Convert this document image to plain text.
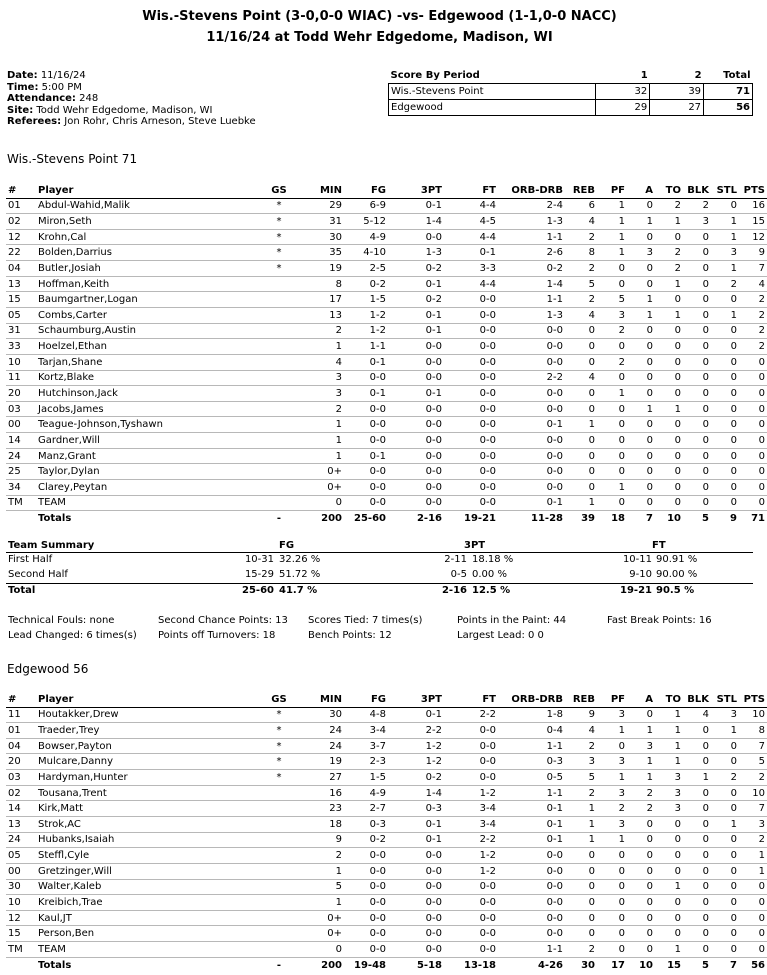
Wis.-Stevens Point (3-0,0-0 WIAC) -vs- Edgewood (1-1,0-0 NACC)
11/16/24 at Todd Wehr Edgedome, Madison, WI
Date: 11/16/24
Time: 5:00 PM
Attendance: 248
Site: Todd Wehr Edgedome, Madison, WI
Referees: Jon Rohr, Chris Arneson, Steve Luebke
Score By Period	1	2	Total
Wis.-Stevens Point	32	39	71
Edgewood	29	27	56
Wis.-Stevens Point 71
#	Player	GS	MIN	FG	3PT	FT	ORB-DRB	REB	PF	A	TO	BLK	STL	PTS
01	Abdul-Wahid,Malik	*	29	6-9	0-1	4-4	2-4	6	1	0	2	2	0	16
02	Miron,Seth	*	31	5-12	1-4	4-5	1-3	4	1	1	1	3	1	15
12	Krohn,Cal	*	30	4-9	0-0	4-4	1-1	2	1	0	0	0	1	12
22	Bolden,Darrius	*	35	4-10	1-3	0-1	2-6	8	1	3	2	0	3	9
04	Butler,Josiah	*	19	2-5	0-2	3-3	0-2	2	0	0	2	0	1	7
13	Hoffman,Keith		8	0-2	0-1	4-4	1-4	5	0	0	1	0	2	4
15	Baumgartner,Logan		17	1-5	0-2	0-0	1-1	2	5	1	0	0	0	2
05	Combs,Carter		13	1-2	0-1	0-0	1-3	4	3	1	1	0	1	2
31	Schaumburg,Austin		2	1-2	0-1	0-0	0-0	0	2	0	0	0	0	2
33	Hoelzel,Ethan		1	1-1	0-0	0-0	0-0	0	0	0	0	0	0	2
10	Tarjan,Shane		4	0-1	0-0	0-0	0-0	0	2	0	0	0	0	0
11	Kortz,Blake		3	0-0	0-0	0-0	2-2	4	0	0	0	0	0	0
20	Hutchinson,Jack		3	0-1	0-1	0-0	0-0	0	1	0	0	0	0	0
03	Jacobs,James		2	0-0	0-0	0-0	0-0	0	0	1	1	0	0	0
00	Teague-Johnson,Tyshawn		1	0-0	0-0	0-0	0-1	1	0	0	0	0	0	0
14	Gardner,Will		1	0-0	0-0	0-0	0-0	0	0	0	0	0	0	0
24	Manz,Grant		1	0-1	0-0	0-0	0-0	0	0	0	0	0	0	0
25	Taylor,Dylan		0+	0-0	0-0	0-0	0-0	0	0	0	0	0	0	0
34	Clarey,Peytan		0+	0-0	0-0	0-0	0-0	0	1	0	0	0	0	0
TM	TEAM		0	0-0	0-0	0-0	0-1	1	0	0	0	0	0	0
	Totals	-	200	25-60	2-16	19-21	11-28	39	18	7	10	5	9	71
Team Summary	FG	3PT	FT
First Half	10-31 32.26 %	2-11 18.18 %	10-11 90.91 %
Second Half	15-29 51.72 %	0-5 0.00 %	9-10 90.00 %
Total	25-60 41.7 %	2-16 12.5 %	19-21 90.5 %
Technical Fouls: none	Second Chance Points: 13 Scores Tied: 7 times(s)	Points in the Paint: 44	Fast Break Points: 16
Lead Changed: 6 times(s) Points off Turnovers: 18	Bench Points: 12	Largest Lead: 0 0
Edgewood 56
#	Player	GS	MIN	FG	3PT	FT	ORB-DRB	REB	PF	A	TO	BLK	STL	PTS
11	Houtakker,Drew	*	30	4-8	0-1	2-2	1-8	9	3	0	1	4	3	10
01	Traeder,Trey	*	24	3-4	2-2	0-0	0-4	4	1	1	1	0	1	8
04	Bowser,Payton	*	24	3-7	1-2	0-0	1-1	2	0	3	1	0	0	7
20	Mulcare,Danny	*	19	2-3	1-2	0-0	0-3	3	3	1	1	0	0	5
03	Hardyman,Hunter	*	27	1-5	0-2	0-0	0-5	5	1	1	3	1	2	2
02	Tousana,Trent		16	4-9	1-4	1-2	1-1	2	3	2	3	0	0	10
14	Kirk,Matt		23	2-7	0-3	3-4	0-1	1	2	2	3	0	0	7
13	Strok,AC		18	0-3	0-1	3-4	0-1	1	3	0	0	0	1	3
24	Hubanks,Isaiah		9	0-2	0-1	2-2	0-1	1	1	0	0	0	0	2
05	Steffl,Cyle		2	0-0	0-0	1-2	0-0	0	0	0	0	0	0	1
00	Gretzinger,Will		1	0-0	0-0	1-2	0-0	0	0	0	0	0	0	1
30	Walter,Kaleb		5	0-0	0-0	0-0	0-0	0	0	0	1	0	0	0
10	Kreibich,Trae		1	0-0	0-0	0-0	0-0	0	0	0	0	0	0	0
12	Kaul,JT		0+	0-0	0-0	0-0	0-0	0	0	0	0	0	0	0
15	Person,Ben		0+	0-0	0-0	0-0	0-0	0	0	0	0	0	0	0
TM	TEAM		0	0-0	0-0	0-0	1-1	2	0	0	1	0	0	0
	Totals	-	200	19-48	5-18	13-18	4-26	30	17	10	15	5	7	56
